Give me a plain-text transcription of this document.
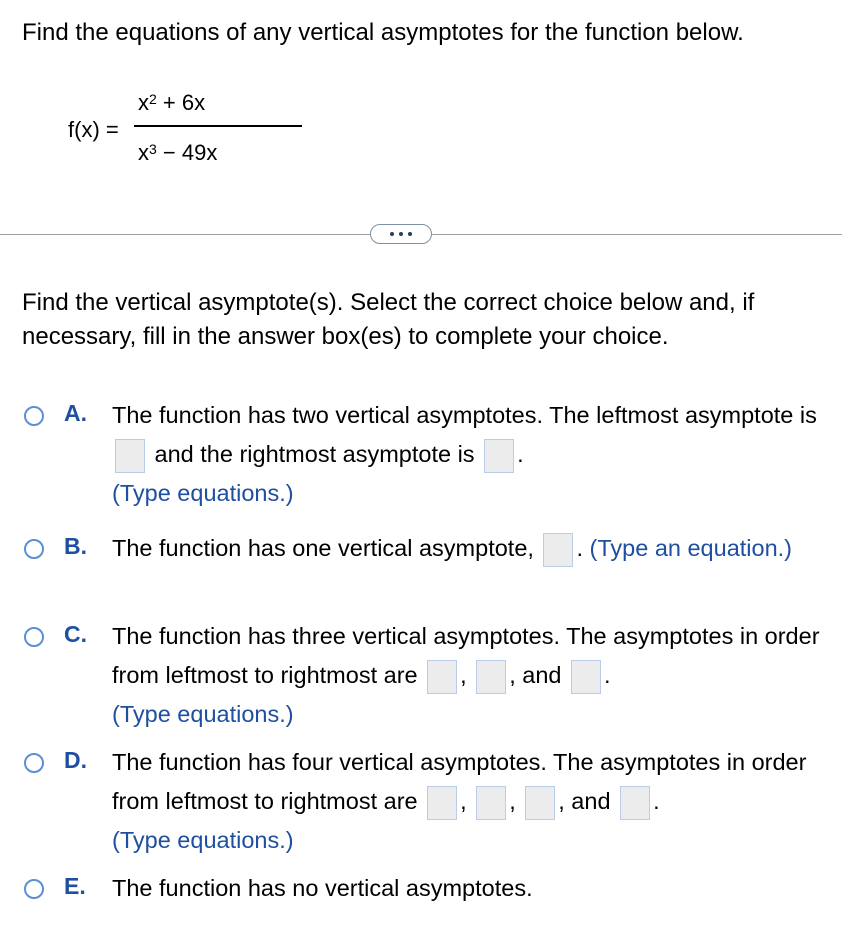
Find the equations of any vertical asymptotes for the function below.
f(x) =
$x^2 + 6x$
$x^3 - 49x$
Find the vertical asymptote(s). Select the correct choice below and, if necessary, fill in the answer box(es) to complete your choice.
A. The function has two vertical asymptotes. The leftmost asymptote is  and the rightmost asymptote is .
(Type equations.)
B. The function has one vertical asymptote, . (Type an equation.)
C. The function has three vertical asymptotes. The asymptotes in order from leftmost to rightmost are , , and .
(Type equations.)
D. The function has four vertical asymptotes. The asymptotes in order from leftmost to rightmost are , , , and .
(Type equations.)
E. The function has no vertical asymptotes.
